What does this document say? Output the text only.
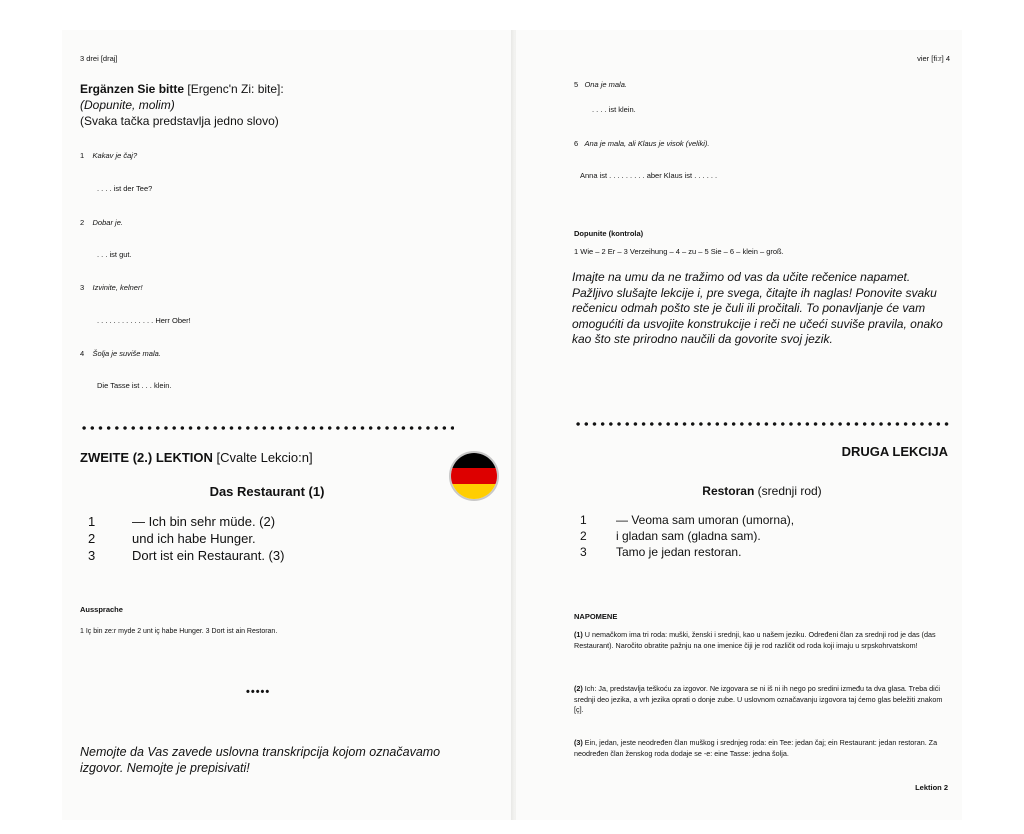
3 drei [draj]
Ergänzen Sie bitte [Ergenc'n Zi: bite]:
(Dopunite, molim)
(Svaka tačka predstavlja jedno slovo)
1 Kakav je čaj?
. . . . ist der Tee?
2 Dobar je.
. . . ist gut.
3 Izvinite, kelner!
. . . . . . . . . . . . . . Herr Ober!
4 Šolja je suviše mala.
Die Tasse ist . . . klein.
ZWEITE (2.) LEKTION [Cvalte Lekcio:n]
Das Restaurant (1)
1	— Ich bin sehr müde. (2)
2	und ich habe Hunger.
3	Dort ist ein Restaurant. (3)
Aussprache
1 Iç bin ze:r myde 2 unt iç habe Hunger. 3 Dort ist ain Restoran.
•••••
Nemojte da Vas zavede uslovna transkripcija kojom označavamo izgovor. Nemojte je prepisivati!
vier [fi:r] 4
5 Ona je mala.
. . . . ist klein.
6 Ana je mala, ali Klaus je visok (veliki).
Anna ist . . . . . . . . . aber Klaus ist . . . . . .
Dopunite (kontrola)
1 Wie – 2 Er – 3 Verzeihung – 4 – zu – 5 Sie – 6 – klein – groß.
Imajte na umu da ne tražimo od vas da učite rečenice napamet. Pažljivo slušajte lekcije i, pre svega, čitajte ih naglas! Ponovite svaku rečenicu odmah pošto ste je čuli ili pročitali. To ponavljanje će vam omogućiti da usvojite konstrukcije i reči ne učeći suviše pravila, onako kao što ste prirodno naučili da govorite svoj jezik.
DRUGA LEKCIJA
Restoran (srednji rod)
1 — Veoma sam umoran (umorna),
2 i gladan sam (gladna sam).
3 Tamo je jedan restoran.
NAPOMENE
(1) U nemačkom ima tri roda: muški, ženski i srednji, kao u našem jeziku. Određeni član za srednji rod je das (das Restaurant). Naročito obratite pažnju na one imenice čiji je rod različit od roda koji imaju u srpskohrvatskom!
(2) Ich: Ja, predstavlja teškoću za izgovor. Ne izgovara se ni iš ni ih nego po sredini između ta dva glasa. Treba dići srednji deo jezika, a vrh jezika oprati o donje zube. U uslovnom označavanju izgovora taj ćemo glas beležiti znakom [ç].
(3) Ein, jedan, jeste neodređen član muškog i srednjeg roda: ein Tee: jedan čaj; ein Restaurant: jedan restoran. Za neodređen član ženskog roda dodaje se -e: eine Tasse: jedna šolja.
Lektion 2
